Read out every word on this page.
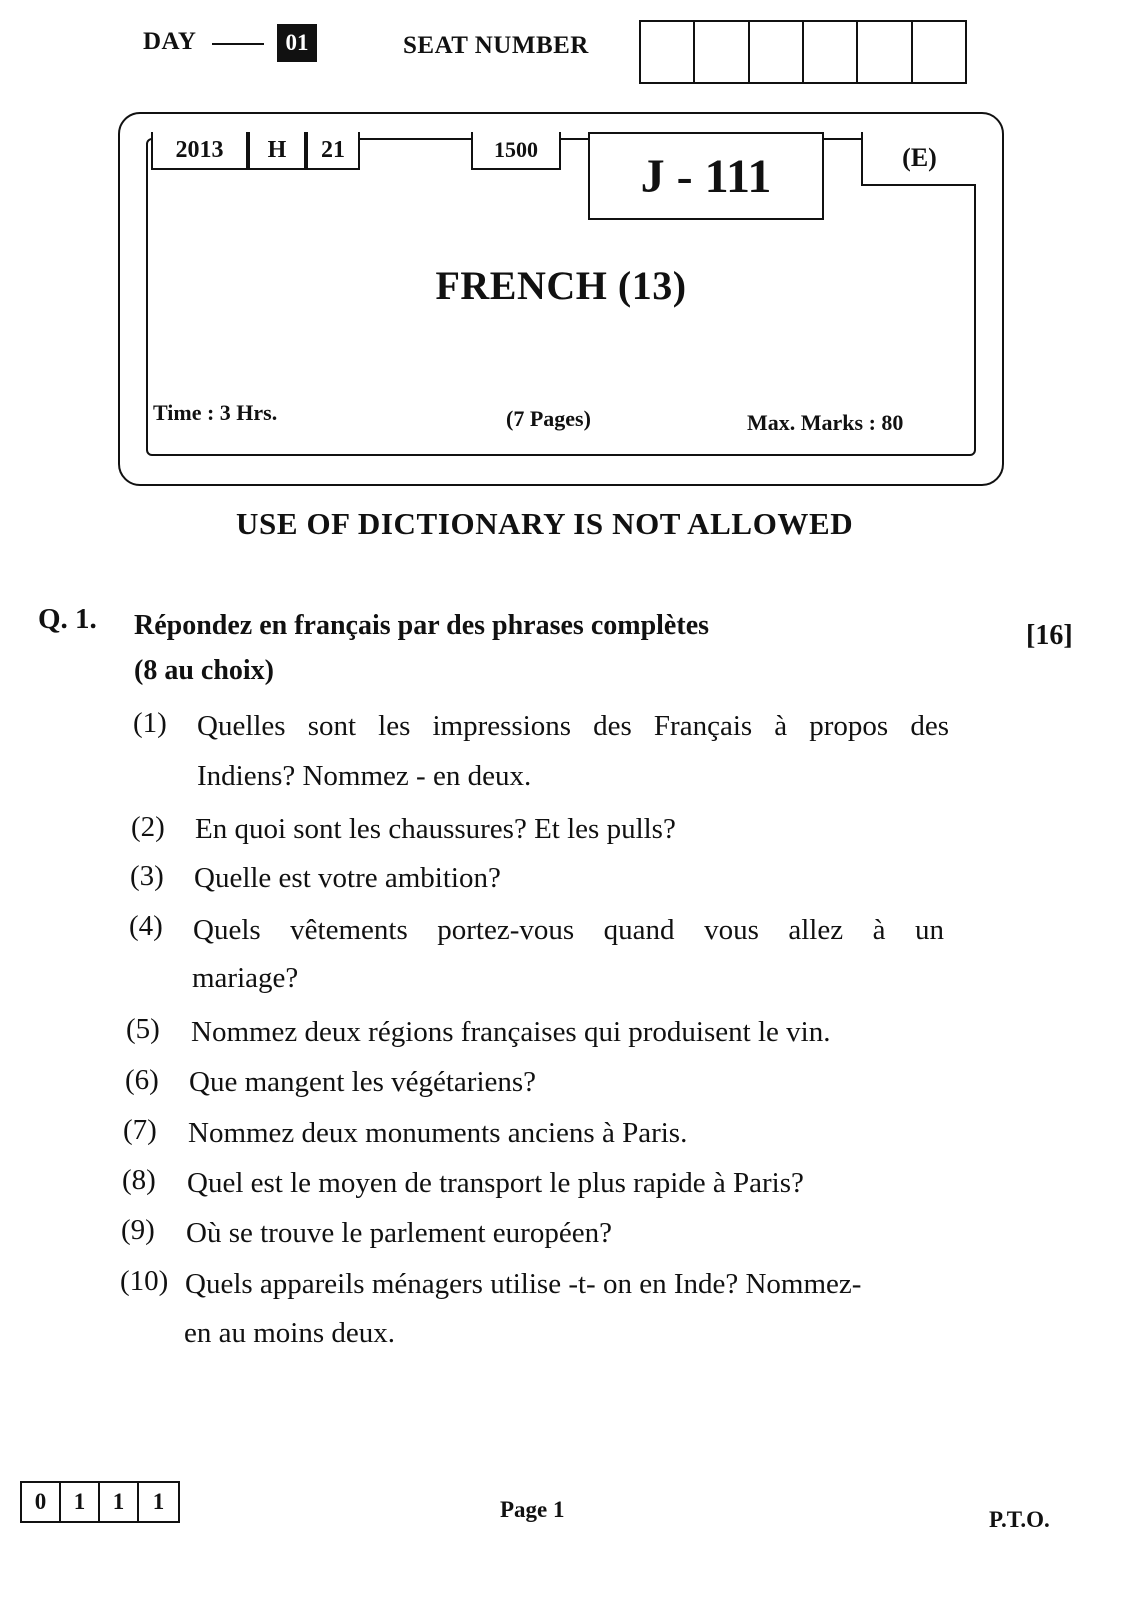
DAY	01	SEAT NUMBER
2013	H	21	1500	J - 111	(E)
FRENCH (13)
Time : 3 Hrs.	(7 Pages)	Max. Marks : 80
USE OF DICTIONARY IS NOT ALLOWED
Q. 1. Répondez en français par des phrases complètes
(8 au choix)
[16]
(1) Quelles sont les impressions des Français à propos des
Indiens? Nommez - en deux.
(2) En quoi sont les chaussures? Et les pulls?
(3) Quelle est votre ambition?
(4) Quels vêtements portez-vous quand vous allez à un
mariage?
(5) Nommez deux régions françaises qui produisent le vin.
(6) Que mangent les végétariens?
(7) Nommez deux monuments anciens à Paris.
(8) Quel est le moyen de transport le plus rapide à Paris?
(9) Où se trouve le parlement européen?
(10) Quels appareils ménagers utilise -t- on en Inde? Nommez-
en au moins deux.
0	1	1	1	Page 1	P.T.O.
